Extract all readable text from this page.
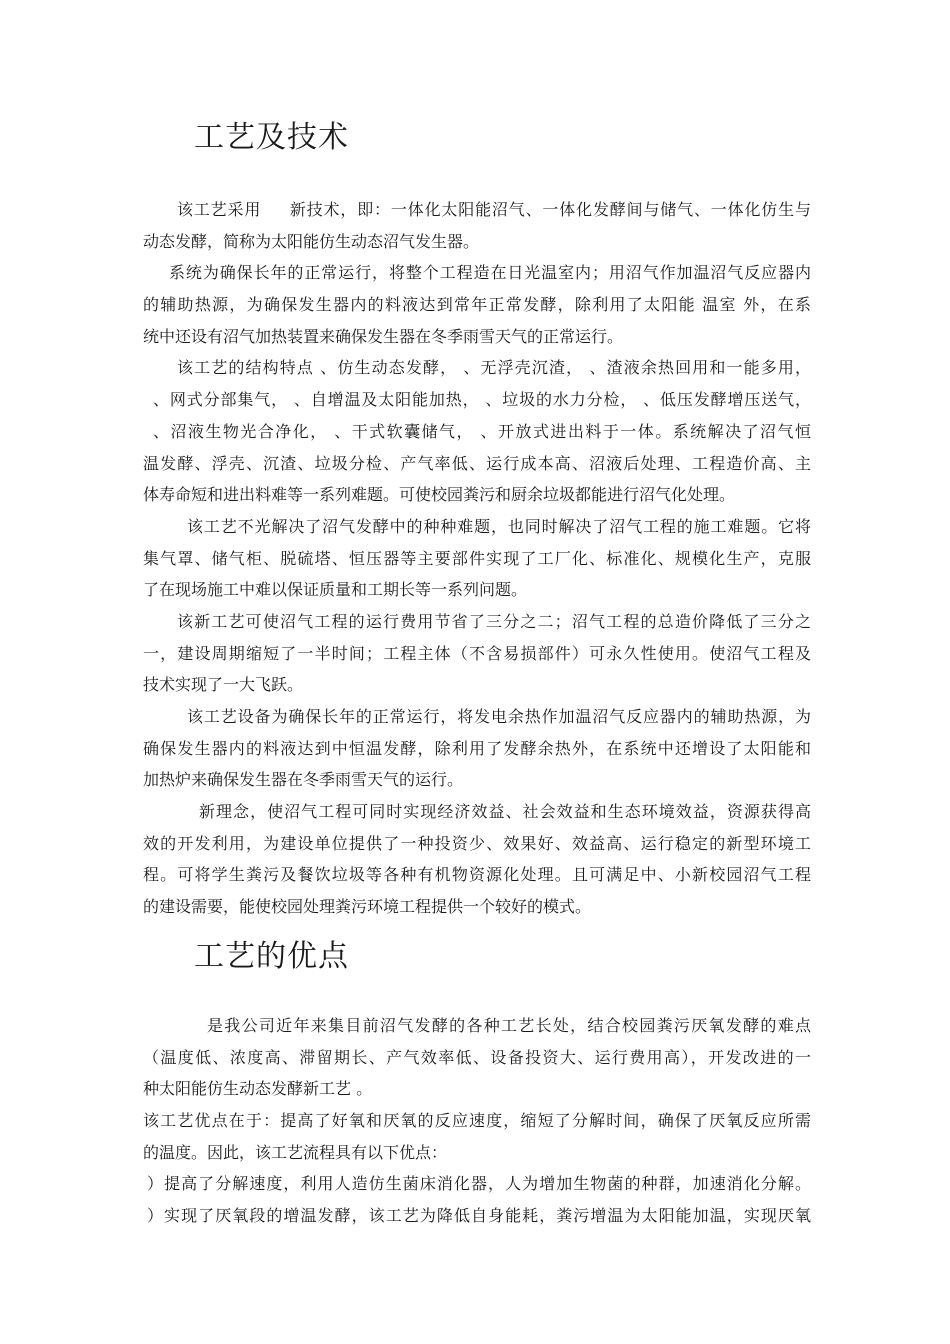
工艺及技术
该工艺采用 　 新技术，即：一体化太阳能沼气、一体化发酵间与储气、一体化仿生与
动态发酵，简称为太阳能仿生动态沼气发生器。
系统为确保长年的正常运行，将整个工程造在日光温室内；用沼气作加温沼气反应器内
的辅助热源，为确保发生器内的料液达到常年正常发酵，除利用了太阳能 温室 外，在系
统中还设有沼气加热装置来确保发生器在冬季雨雪天气的正常运行。
该工艺的结构特点 、仿生动态发酵， 、无浮壳沉渣， 、渣液余热回用和一能多用，
、网式分部集气， 、自增温及太阳能加热， 、垃圾的水力分检， 、低压发酵增压送气，
、沼液生物光合净化， 、干式软囊储气， 、开放式进出料于一体。系统解决了沼气恒
温发酵、浮壳、沉渣、垃圾分检、产气率低、运行成本高、沼液后处理、工程造价高、主
体寿命短和进出料难等一系列难题。可使校园粪污和厨余垃圾都能进行沼气化处理。
该工艺不光解决了沼气发酵中的种种难题，也同时解决了沼气工程的施工难题。它将
集气罩、储气柜、脱硫塔、恒压器等主要部件实现了工厂化、标准化、规模化生产，克服
了在现场施工中难以保证质量和工期长等一系列问题。
该新工艺可使沼气工程的运行费用节省了三分之二；沼气工程的总造价降低了三分之
一，建设周期缩短了一半时间；工程主体（不含易损部件）可永久性使用。使沼气工程及
技术实现了一大飞跃。
该工艺设备为确保长年的正常运行，将发电余热作加温沼气反应器内的辅助热源，为
确保发生器内的料液达到中恒温发酵，除利用了发酵余热外，在系统中还增设了太阳能和
加热炉来确保发生器在冬季雨雪天气的运行。
新理念，使沼气工程可同时实现经济效益、社会效益和生态环境效益，资源获得高
效的开发利用，为建设单位提供了一种投资少、效果好、效益高、运行稳定的新型环境工
程。可将学生粪污及餐饮垃圾等各种有机物资源化处理。且可满足中、小新校园沼气工程
的建设需要，能使校园处理粪污环境工程提供一个较好的模式。
工艺的优点
是我公司近年来集目前沼气发酵的各种工艺长处，结合校园粪污厌氧发酵的难点
（温度低、浓度高、滞留期长、产气效率低、设备投资大、运行费用高），开发改进的一
种太阳能仿生动态发酵新工艺 。
该工艺优点在于：提高了好氧和厌氧的反应速度，缩短了分解时间，确保了厌氧反应所需
的温度。因此，该工艺流程具有以下优点：
）提高了分解速度，利用人造仿生菌床消化器，人为增加生物菌的种群，加速消化分解。
）实现了厌氧段的增温发酵，该工艺为降低自身能耗，粪污增温为太阳能加温，实现厌氧
